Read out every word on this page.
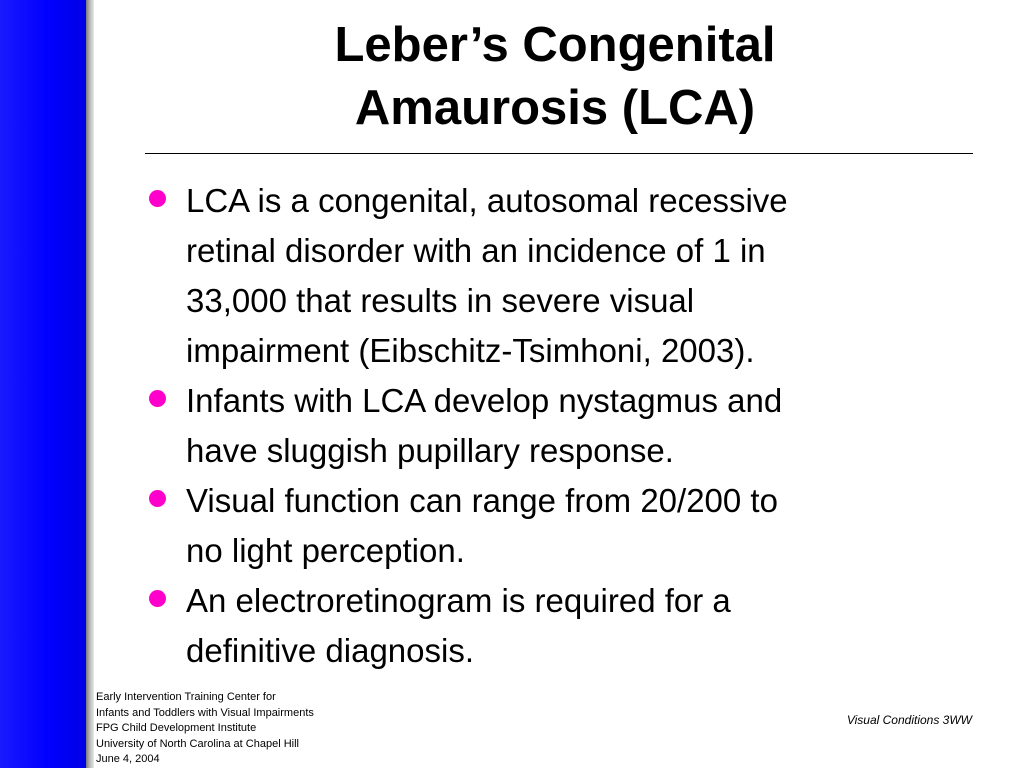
Leber’s Congenital
Amaurosis (LCA)
LCA is a congenital, autosomal recessive
retinal disorder with an incidence of 1 in
33,000 that results in severe visual
impairment (Eibschitz-Tsimhoni, 2003).
Infants with LCA develop nystagmus and
have sluggish pupillary response.
Visual function can range from 20/200 to
no light perception.
An electroretinogram is required for a
definitive diagnosis.
Early Intervention Training Center for
Infants and Toddlers with Visual Impairments
FPG Child Development Institute
University of North Carolina at Chapel Hill
June 4, 2004
Visual Conditions 3WW
